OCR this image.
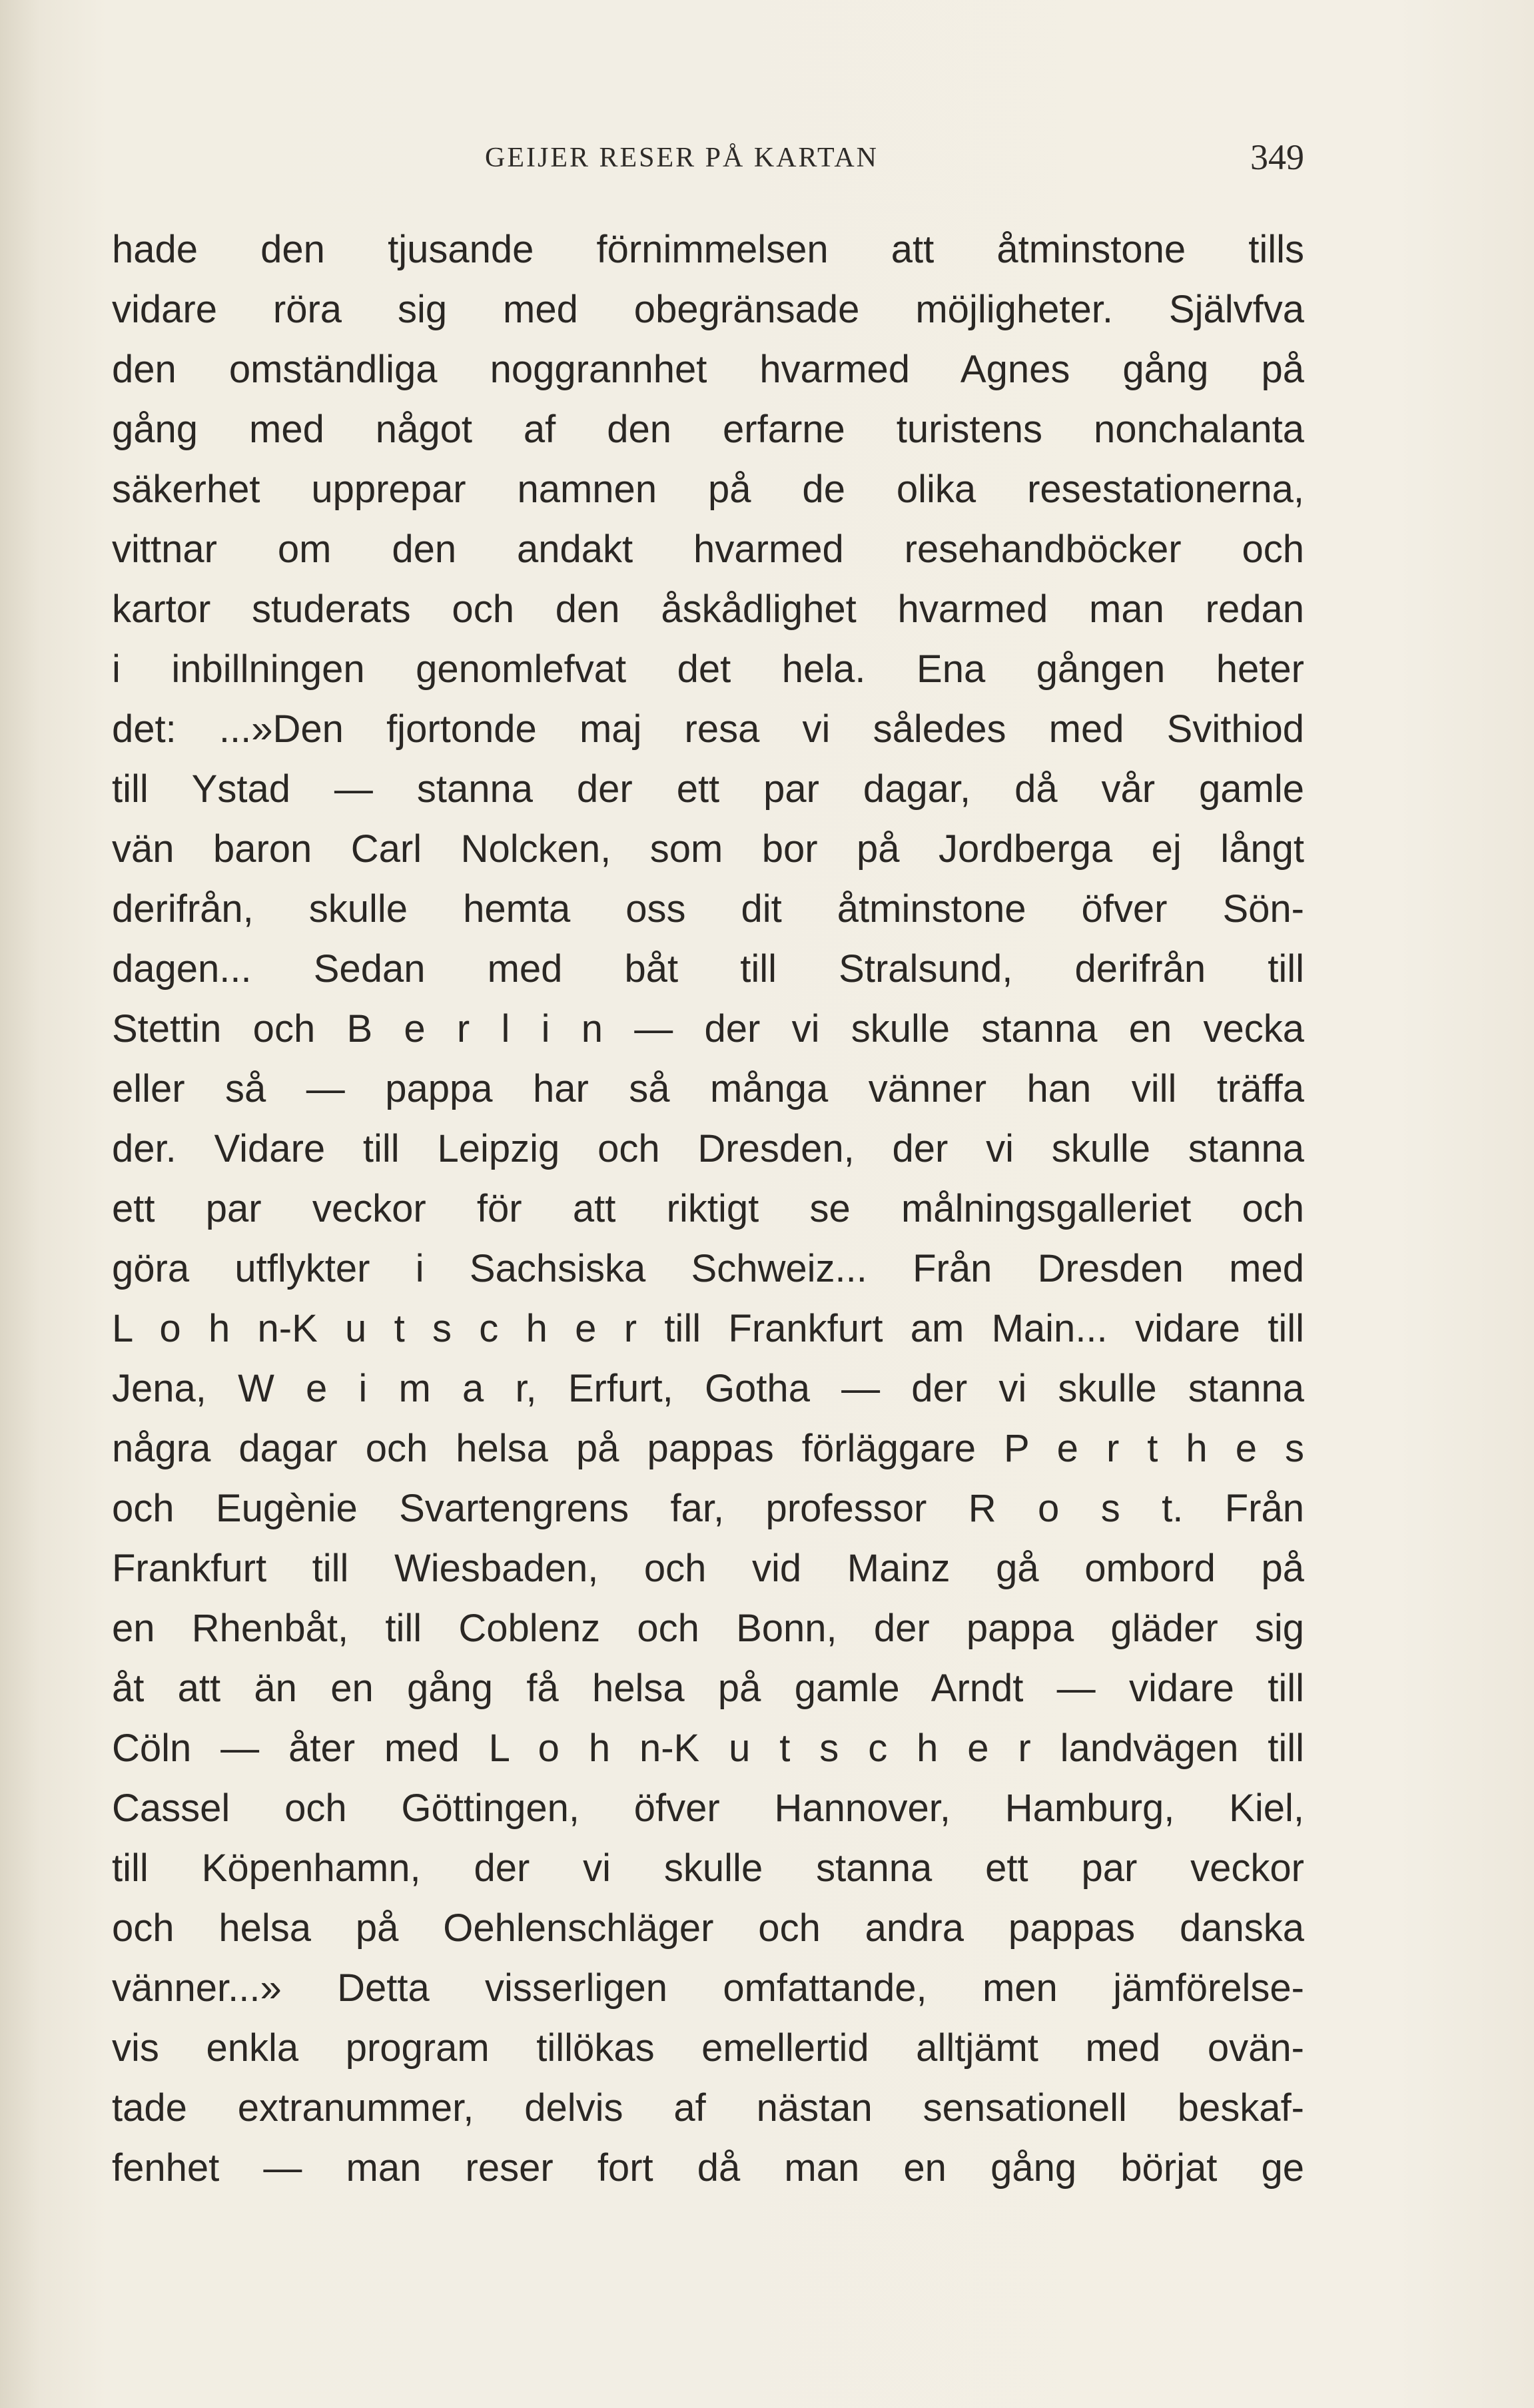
GEIJER RESER PÅ KARTAN	349
hade den tjusande förnimmelsen att åtminstone tills
vidare röra sig med obegränsade möjligheter. Självfva
den omständliga noggrannhet hvarmed Agnes gång på
gång med något af den erfarne turistens nonchalanta
säkerhet upprepar namnen på de olika resestationerna,
vittnar om den andakt hvarmed resehandböcker och
kartor studerats och den åskådlighet hvarmed man redan
i inbillningen genomlefvat det hela. Ena gången heter
det: ...»Den fjortonde maj resa vi således med Svithiod
till Ystad — stanna der ett par dagar, då vår gamle
vän baron Carl Nolcken, som bor på Jordberga ej långt
derifrån, skulle hemta oss dit åtminstone öfver Sön-
dagen... Sedan med båt till Stralsund, derifrån till
Stettin och B e r l i n — der vi skulle stanna en vecka
eller så — pappa har så många vänner han vill träffa
der. Vidare till Leipzig och Dresden, der vi skulle stanna
ett par veckor för att riktigt se målningsgalleriet och
göra utflykter i Sachsiska Schweiz... Från Dresden med
L o h n-K u t s c h e r till Frankfurt am Main... vidare till
Jena, W e i m a r, Erfurt, Gotha — der vi skulle stanna
några dagar och helsa på pappas förläggare P e r t h e s
och Eugènie Svartengrens far, professor R o s t. Från
Frankfurt till Wiesbaden, och vid Mainz gå ombord på
en Rhenbåt, till Coblenz och Bonn, der pappa gläder sig
åt att än en gång få helsa på gamle Arndt — vidare till
Cöln — åter med L o h n-K u t s c h e r landvägen till
Cassel och Göttingen, öfver Hannover, Hamburg, Kiel,
till Köpenhamn, der vi skulle stanna ett par veckor
och helsa på Oehlenschläger och andra pappas danska
vänner...» Detta visserligen omfattande, men jämförelse-
vis enkla program tillökas emellertid alltjämt med ovän-
tade extranummer, delvis af nästan sensationell beskaf-
fenhet — man reser fort då man en gång börjat ge
